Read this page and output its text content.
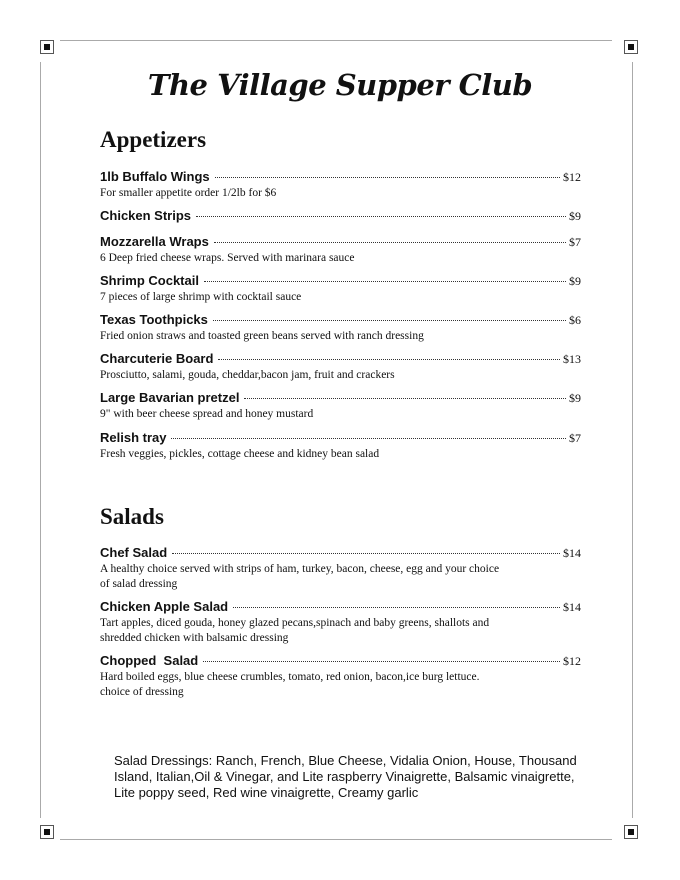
The Village Supper Club
Appetizers
1lb Buffalo Wings	$12
For smaller appetite order 1/2lb for $6
Chicken Strips	$9
Mozzarella Wraps	$7
6 Deep fried cheese wraps. Served with marinara sauce
Shrimp Cocktail	$9
7 pieces of large shrimp with cocktail sauce
Texas Toothpicks	$6
Fried onion straws and toasted green beans served with ranch dressing
Charcuterie Board	$13
Prosciutto, salami, gouda, cheddar,bacon jam, fruit and crackers
Large Bavarian pretzel	$9
9" with beer cheese spread and honey mustard
Relish tray	$7
Fresh veggies, pickles, cottage cheese and kidney bean salad
Salads
Chef Salad	$14
A healthy choice served with strips of ham, turkey, bacon, cheese, egg and your choice
of salad dressing
Chicken Apple Salad	$14
Tart apples, diced gouda, honey glazed pecans,spinach and baby greens, shallots and
shredded chicken with balsamic dressing
Chopped  Salad	$12
Hard boiled eggs, blue cheese crumbles, tomato, red onion, bacon,ice burg lettuce.
choice of dressing
Salad Dressings: Ranch, French, Blue Cheese, Vidalia Onion, House, Thousand Island, Italian,Oil & Vinegar, and Lite raspberry Vinaigrette, Balsamic vinaigrette, Lite poppy seed, Red wine vinaigrette, Creamy garlic
